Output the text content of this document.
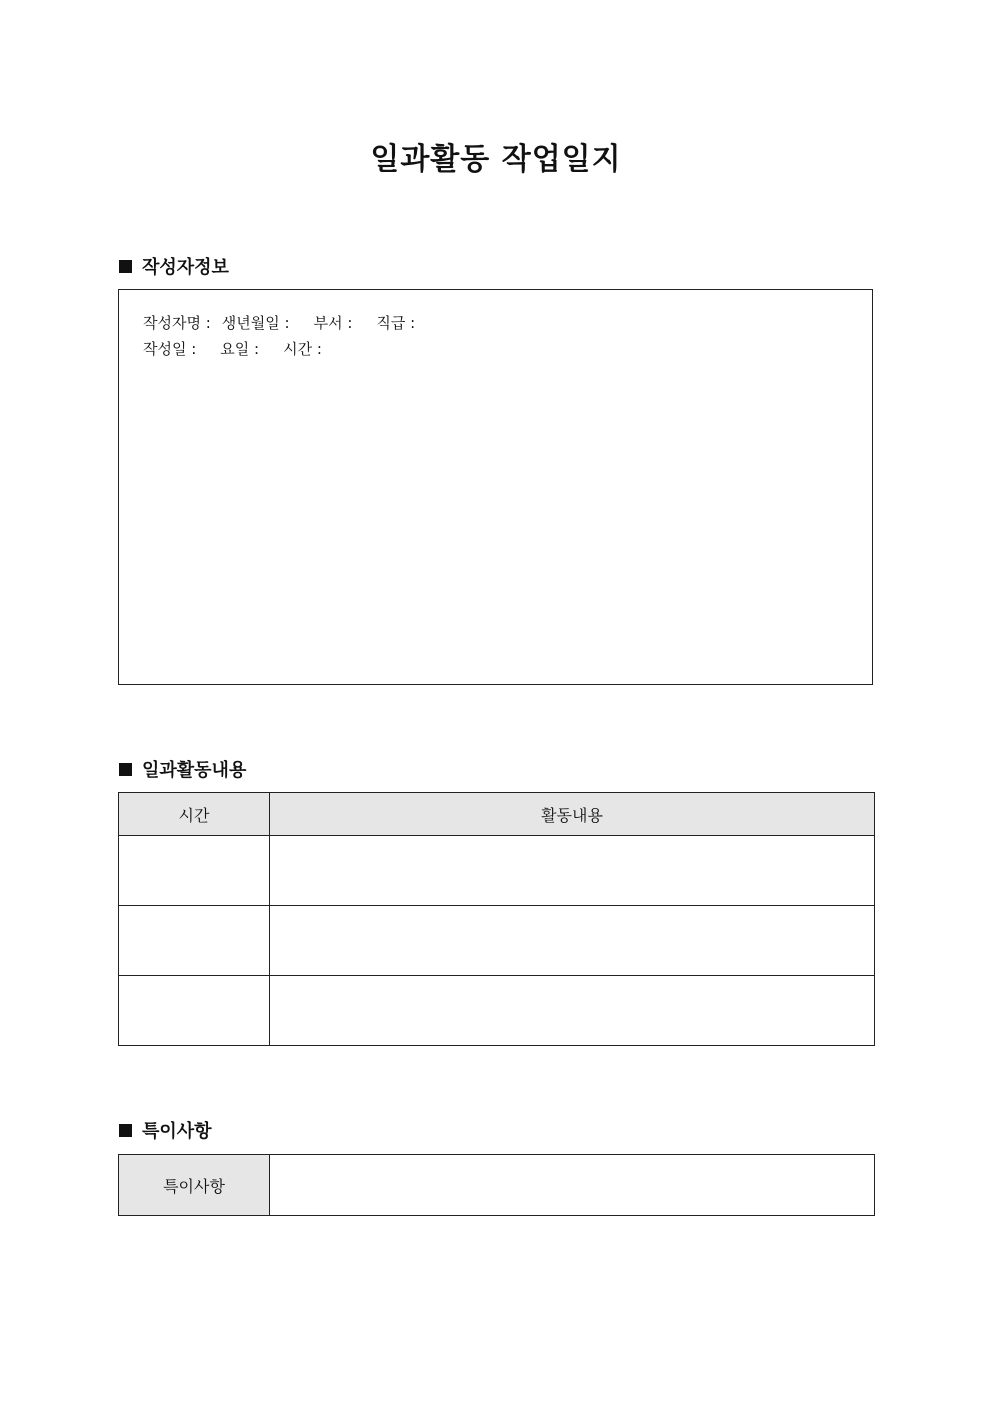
일과활동 작업일지
작성자정보
작성자명 : 생년월일 : 부서 : 직급 :
작성일 : 요일 : 시간 :
일과활동내용
시간	활동내용

특이사항
특이사항	
